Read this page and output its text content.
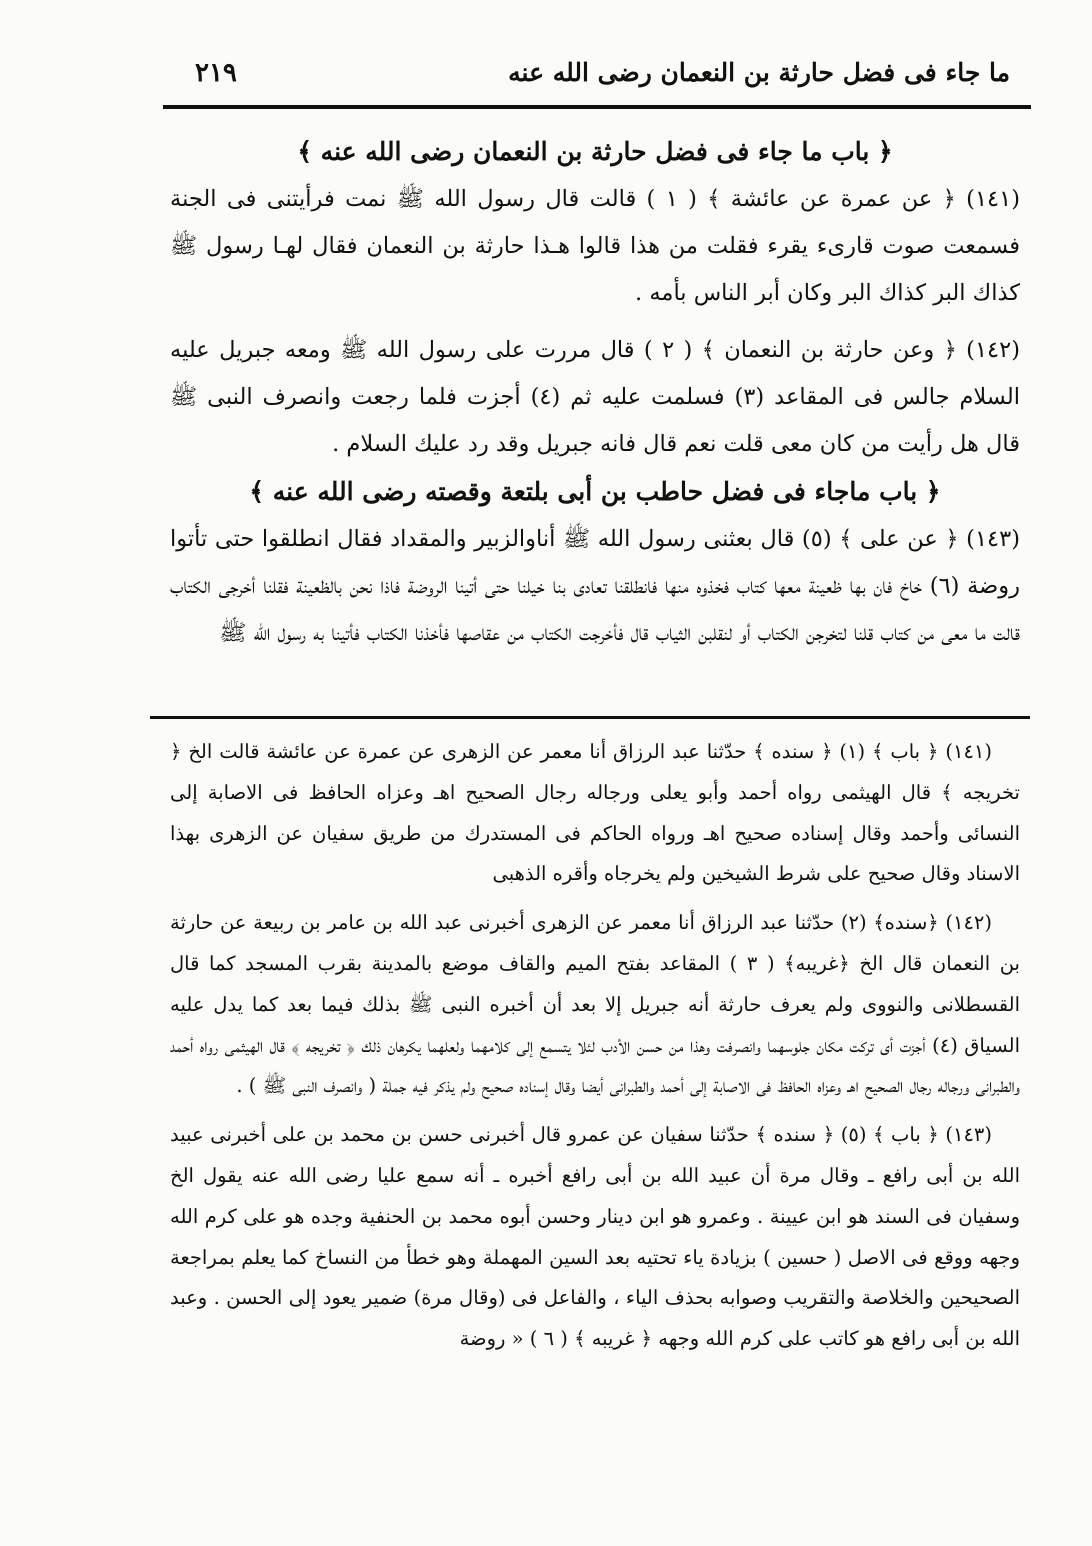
ما جاء فى فضل حارثة بن النعمان رضى الله عنه
٢١٩

﴿ باب ما جاء فى فضل حارثة بن النعمان رضى الله عنه ﴾

(١٤١) ﴿ عن عمرة عن عائشة ﴾ ( ١ ) قالت قال رسول الله ﷺ نمت فرأيتنى فى الجنة فسمعت صوت قارىء يقرء فقلت من هذا قالوا هـذا حارثة بن النعمان فقال لهـا رسول ﷺ كذاك البر كذاك البر وكان أبر الناس بأمه .

(١٤٢) ﴿ وعن حارثة بن النعمان ﴾ ( ٢ ) قال مررت على رسول الله ﷺ ومعه جبريل عليه السلام جالس فى المقاعد (٣) فسلمت عليه ثم (٤) أجزت فلما رجعت وانصرف النبى ﷺ قال هل رأيت من كان معى قلت نعم قال فانه جبريل وقد رد عليك السلام .

﴿ باب ماجاء فى فضل حاطب بن أبى بلتعة وقصته رضى الله عنه ﴾

(١٤٣) ﴿ عن على ﴾ (٥) قال بعثنى رسول الله ﷺ أناوالزبير والمقداد فقال انطلقوا حتى تأتوا روضة (٦) خاخ فان بها ظعينة معها كتاب فخذوه منها فانطلقنا تعادى بنا خيلنا حتى أتينا الروضة فاذا نحن بالظعينة فقلنا أخرجى الكتاب قالت ما معى من كتاب قلنا لتخرجن الكتاب أو لنقلبن الثياب قال فأخرجت الكتاب من عقاصها فأخذنا الكتاب فأتينا به رسول الله ﷺ

(١٤١) ﴿ باب ﴾ (١) ﴿ سنده ﴾ حدّثنا عبد الرزاق أنا معمر عن الزهرى عن عمرة عن عائشة قالت الخ ﴿ تخريجه ﴾ قال الهيثمى رواه أحمد وأبو يعلى ورجاله رجال الصحيح اهـ وعزاه الحافظ فى الاصابة إلى النسائى وأحمد وقال إسناده صحيح اهـ ورواه الحاكم فى المستدرك من طريق سفيان عن الزهرى بهذا الاسناد وقال صحيح على شرط الشيخين ولم يخرجاه وأقره الذهبى

(١٤٢) ﴿سنده﴾ (٢) حدّثنا عبد الرزاق أنا معمر عن الزهرى أخبرنى عبد الله بن عامر بن ربيعة عن حارثة بن النعمان قال الخ ﴿غريبه﴾ ( ٣ ) المقاعد بفتح الميم والقاف موضع بالمدينة بقرب المسجد كما قال القسطلانى والنووى ولم يعرف حارثة أنه جبريل إلا بعد أن أخبره النبى ﷺ بذلك فيما بعد كما يدل عليه السياق (٤) أجزت أى تركت مكان جلوسهما وانصرفت وهذا من حسن الأدب لئلا يتسمع إلى كلامهما ولعلهما يكرهان ذلك ﴿ تخريجه ﴾ قال الهيثمى رواه أحمد والطبرانى ورجاله رجال الصحيح اهـ وعزاه الحافظ فى الاصابة إلى أحمد والطبرانى أيضا وقال إسناده صحيح ولم يذكر فيه جملة ( وانصرف النبى ﷺ ) .

(١٤٣) ﴿ باب ﴾ (٥) ﴿ سنده ﴾ حدّثنا سفيان عن عمرو قال أخبرنى حسن بن محمد بن على أخبرنى عبيد الله بن أبى رافع ـ وقال مرة أن عبيد الله بن أبى رافع أخبره ـ أنه سمع عليا رضى الله عنه يقول الخ وسفيان فى السند هو ابن عيينة . وعمرو هو ابن دينار وحسن أبوه محمد بن الحنفية وجده هو على كرم الله وجهه ووقع فى الاصل ( حسين ) بزيادة ياء تحتيه بعد السين المهملة وهو خطأ من النساخ كما يعلم بمراجعة الصحيحين والخلاصة والتقريب وصوابه بحذف الياء ، والفاعل فى (وقال مرة) ضمير يعود إلى الحسن . وعبد الله بن أبى رافع هو كاتب على كرم الله وجهه ﴿ غريبه ﴾ ( ٦ ) « روضة
